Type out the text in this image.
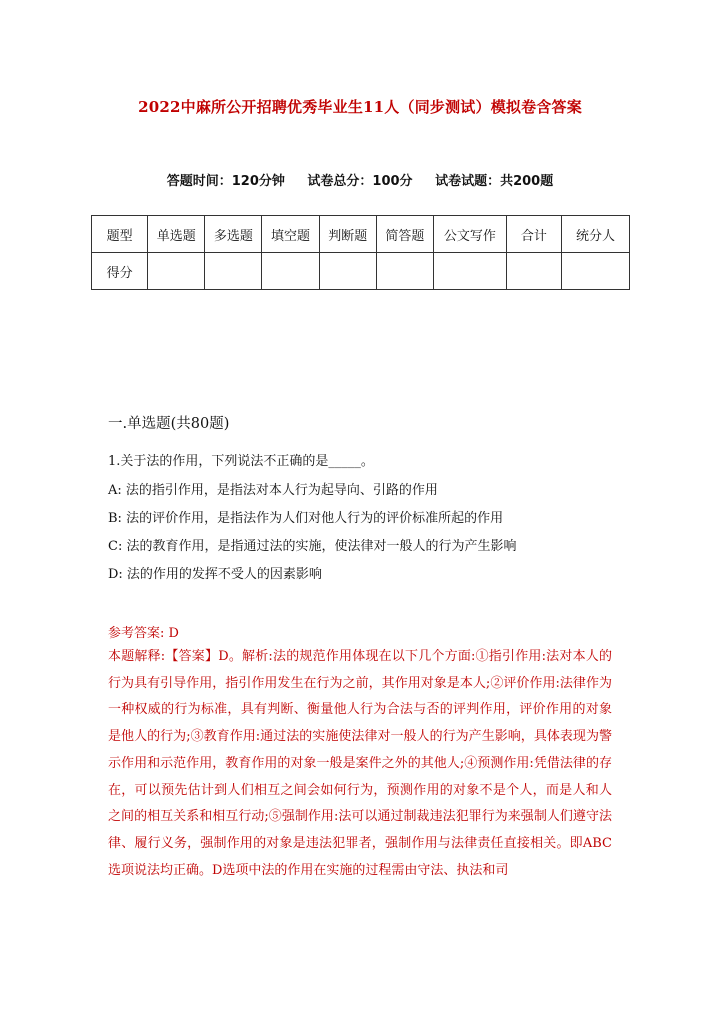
2022中麻所公开招聘优秀毕业生11人（同步测试）模拟卷含答案
答题时间：120分钟 试卷总分：100分 试卷试题：共200题
题型	单选题	多选题	填空题	判断题	简答题	公文写作	合计	统分人
得分								
一.单选题(共80题)
1.关于法的作用，下列说法不正确的是_____。
A: 法的指引作用，是指法对本人行为起导向、引路的作用
B: 法的评价作用，是指法作为人们对他人行为的评价标准所起的作用
C: 法的教育作用，是指通过法的实施，使法律对一般人的行为产生影响
D: 法的作用的发挥不受人的因素影响
参考答案: D
本题解释:【答案】D。解析:法的规范作用体现在以下几个方面:①指引作用:法对本人的行为具有引导作用，指引作用发生在行为之前，其作用对象是本人;②评价作用:法律作为一种权威的行为标准，具有判断、衡量他人行为合法与否的评判作用，评价作用的对象是他人的行为;③教育作用:通过法的实施使法律对一般人的行为产生影响，具体表现为警示作用和示范作用，教育作用的对象一般是案件之外的其他人;④预测作用:凭借法律的存在，可以预先估计到人们相互之间会如何行为，预测作用的对象不是个人，而是人和人之间的相互关系和相互行动;⑤强制作用:法可以通过制裁违法犯罪行为来强制人们遵守法律、履行义务，强制作用的对象是违法犯罪者，强制作用与法律责任直接相关。即ABC选项说法均正确。D选项中法的作用在实施的过程需由守法、执法和司
